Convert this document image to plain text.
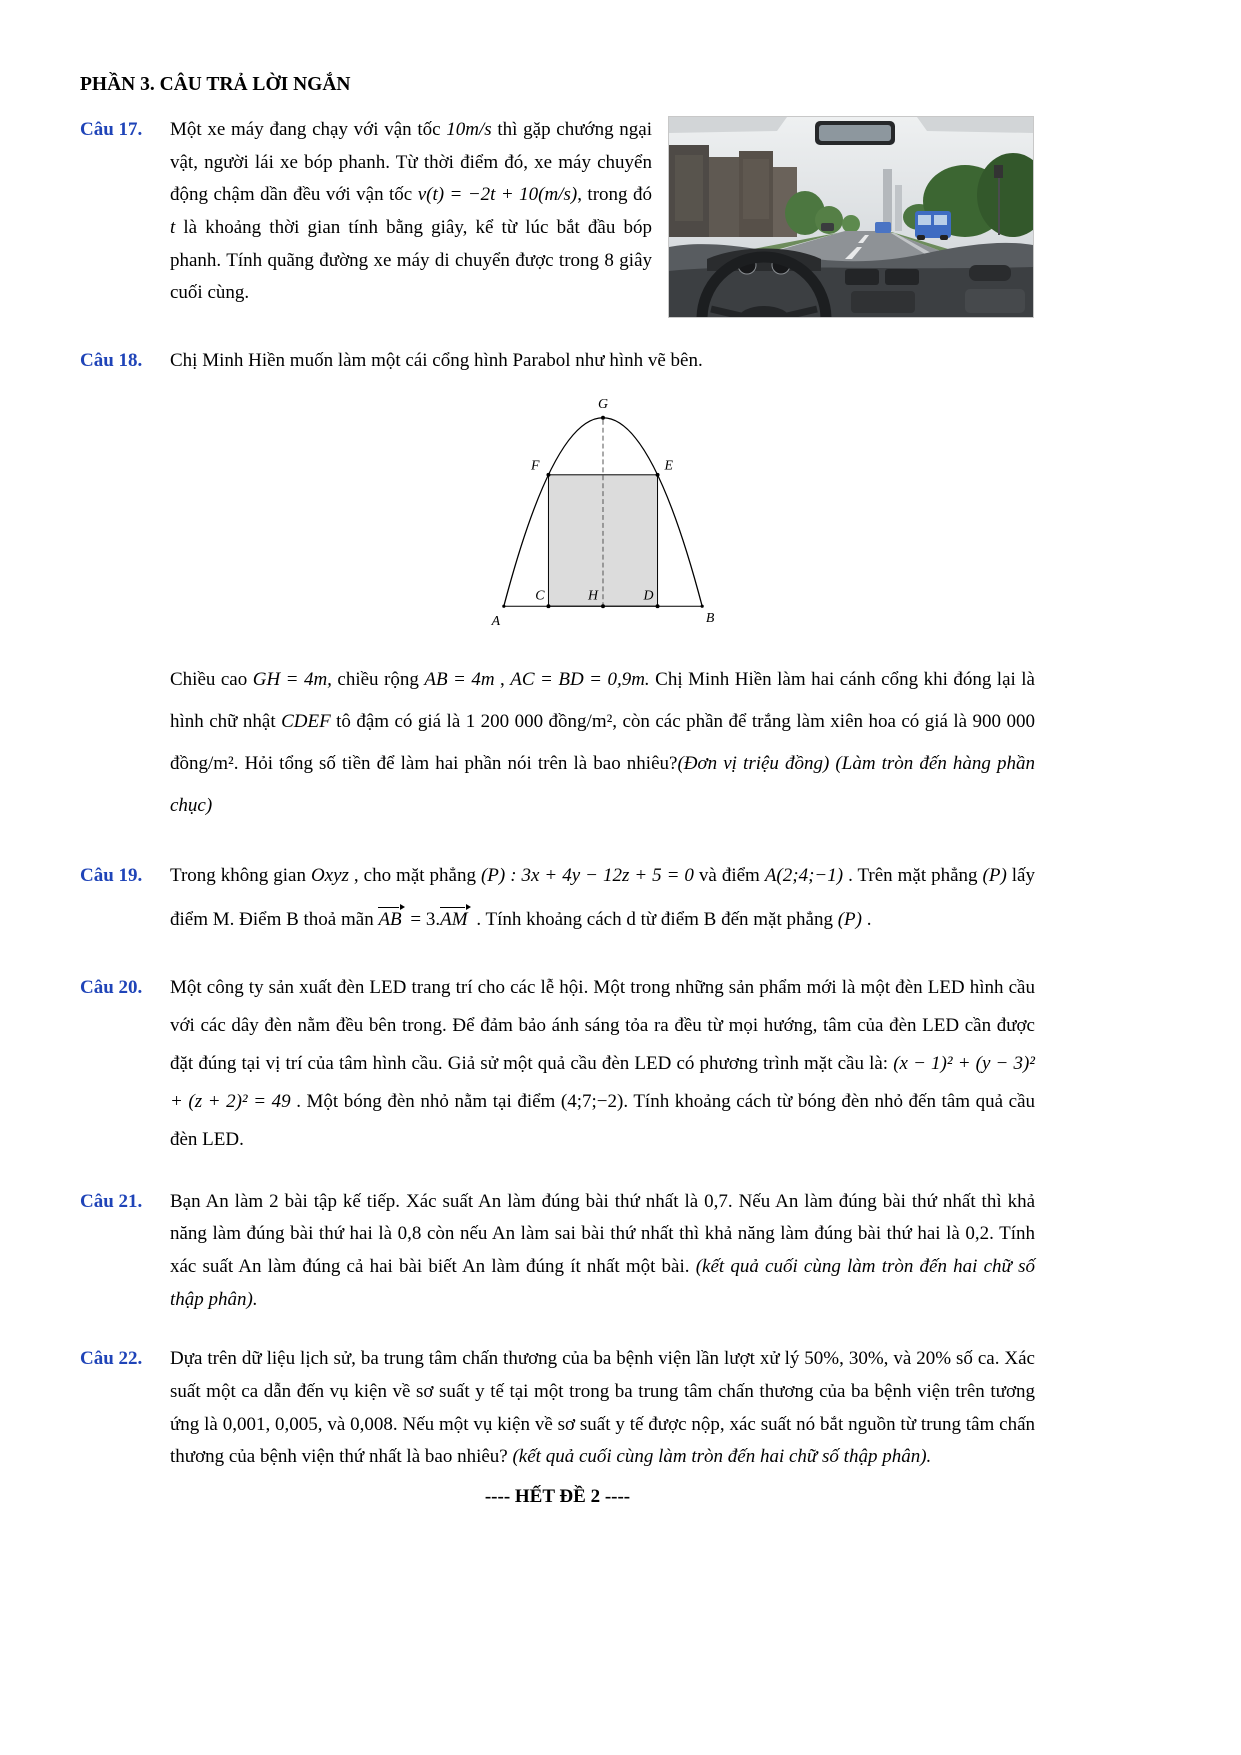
PHẦN 3. CÂU TRẢ LỜI NGẮN
Câu 17.	Một xe máy đang chạy với vận tốc 10m/s thì gặp chướng ngại vật, người lái xe bóp phanh. Từ thời điểm đó, xe máy chuyển động chậm dần đều với vận tốc v(t) = −2t + 10(m/s), trong đó t là khoảng thời gian tính bằng giây, kể từ lúc bắt đầu bóp phanh. Tính quãng đường xe máy di chuyển được trong 8 giây cuối cùng.

Câu 18.	Chị Minh Hiền muốn làm một cái cổng hình Parabol như hình vẽ bên.

G
F	E
C	H	D
A	B

Chiều cao GH = 4m, chiều rộng AB = 4m , AC = BD = 0,9m. Chị Minh Hiền làm hai cánh cổng khi đóng lại là hình chữ nhật CDEF tô đậm có giá là 1 200 000 đồng/m², còn các phần để trắng làm xiên hoa có giá là 900 000 đồng/m². Hỏi tổng số tiền để làm hai phần nói trên là bao nhiêu?(Đơn vị triệu đồng) (Làm tròn đến hàng phần chục)

Câu 19.	Trong không gian Oxyz , cho mặt phẳng (P) : 3x + 4y − 12z + 5 = 0 và điểm A(2;4;−1) . Trên mặt phẳng (P) lấy điểm M. Điểm B thoả mãn AB = 3.AM . Tính khoảng cách d từ điểm B đến mặt phẳng (P) .

Câu 20.	Một công ty sản xuất đèn LED trang trí cho các lễ hội. Một trong những sản phẩm mới là một đèn LED hình cầu với các dây đèn nằm đều bên trong. Để đảm bảo ánh sáng tỏa ra đều từ mọi hướng, tâm của đèn LED cần được đặt đúng tại vị trí của tâm hình cầu. Giả sử một quả cầu đèn LED có phương trình mặt cầu là: (x − 1)² + (y − 3)² + (z + 2)² = 49 . Một bóng đèn nhỏ nằm tại điểm (4;7;−2). Tính khoảng cách từ bóng đèn nhỏ đến tâm quả cầu đèn LED.

Câu 21.	Bạn An làm 2 bài tập kế tiếp. Xác suất An làm đúng bài thứ nhất là 0,7. Nếu An làm đúng bài thứ nhất thì khả năng làm đúng bài thứ hai là 0,8 còn nếu An làm sai bài thứ nhất thì khả năng làm đúng bài thứ hai là 0,2. Tính xác suất An làm đúng cả hai bài biết An làm đúng ít nhất một bài. (kết quả cuối cùng làm tròn đến hai chữ số thập phân).

Câu 22.	Dựa trên dữ liệu lịch sử, ba trung tâm chấn thương của ba bệnh viện lần lượt xử lý 50%, 30%, và 20% số ca. Xác suất một ca dẫn đến vụ kiện về sơ suất y tế tại một trong ba trung tâm chấn thương của ba bệnh viện trên tương ứng là 0,001, 0,005, và 0,008. Nếu một vụ kiện về sơ suất y tế được nộp, xác suất nó bắt nguồn từ trung tâm chấn thương của bệnh viện thứ nhất là bao nhiêu? (kết quả cuối cùng làm tròn đến hai chữ số thập phân).

---- HẾT ĐỀ 2 ----
